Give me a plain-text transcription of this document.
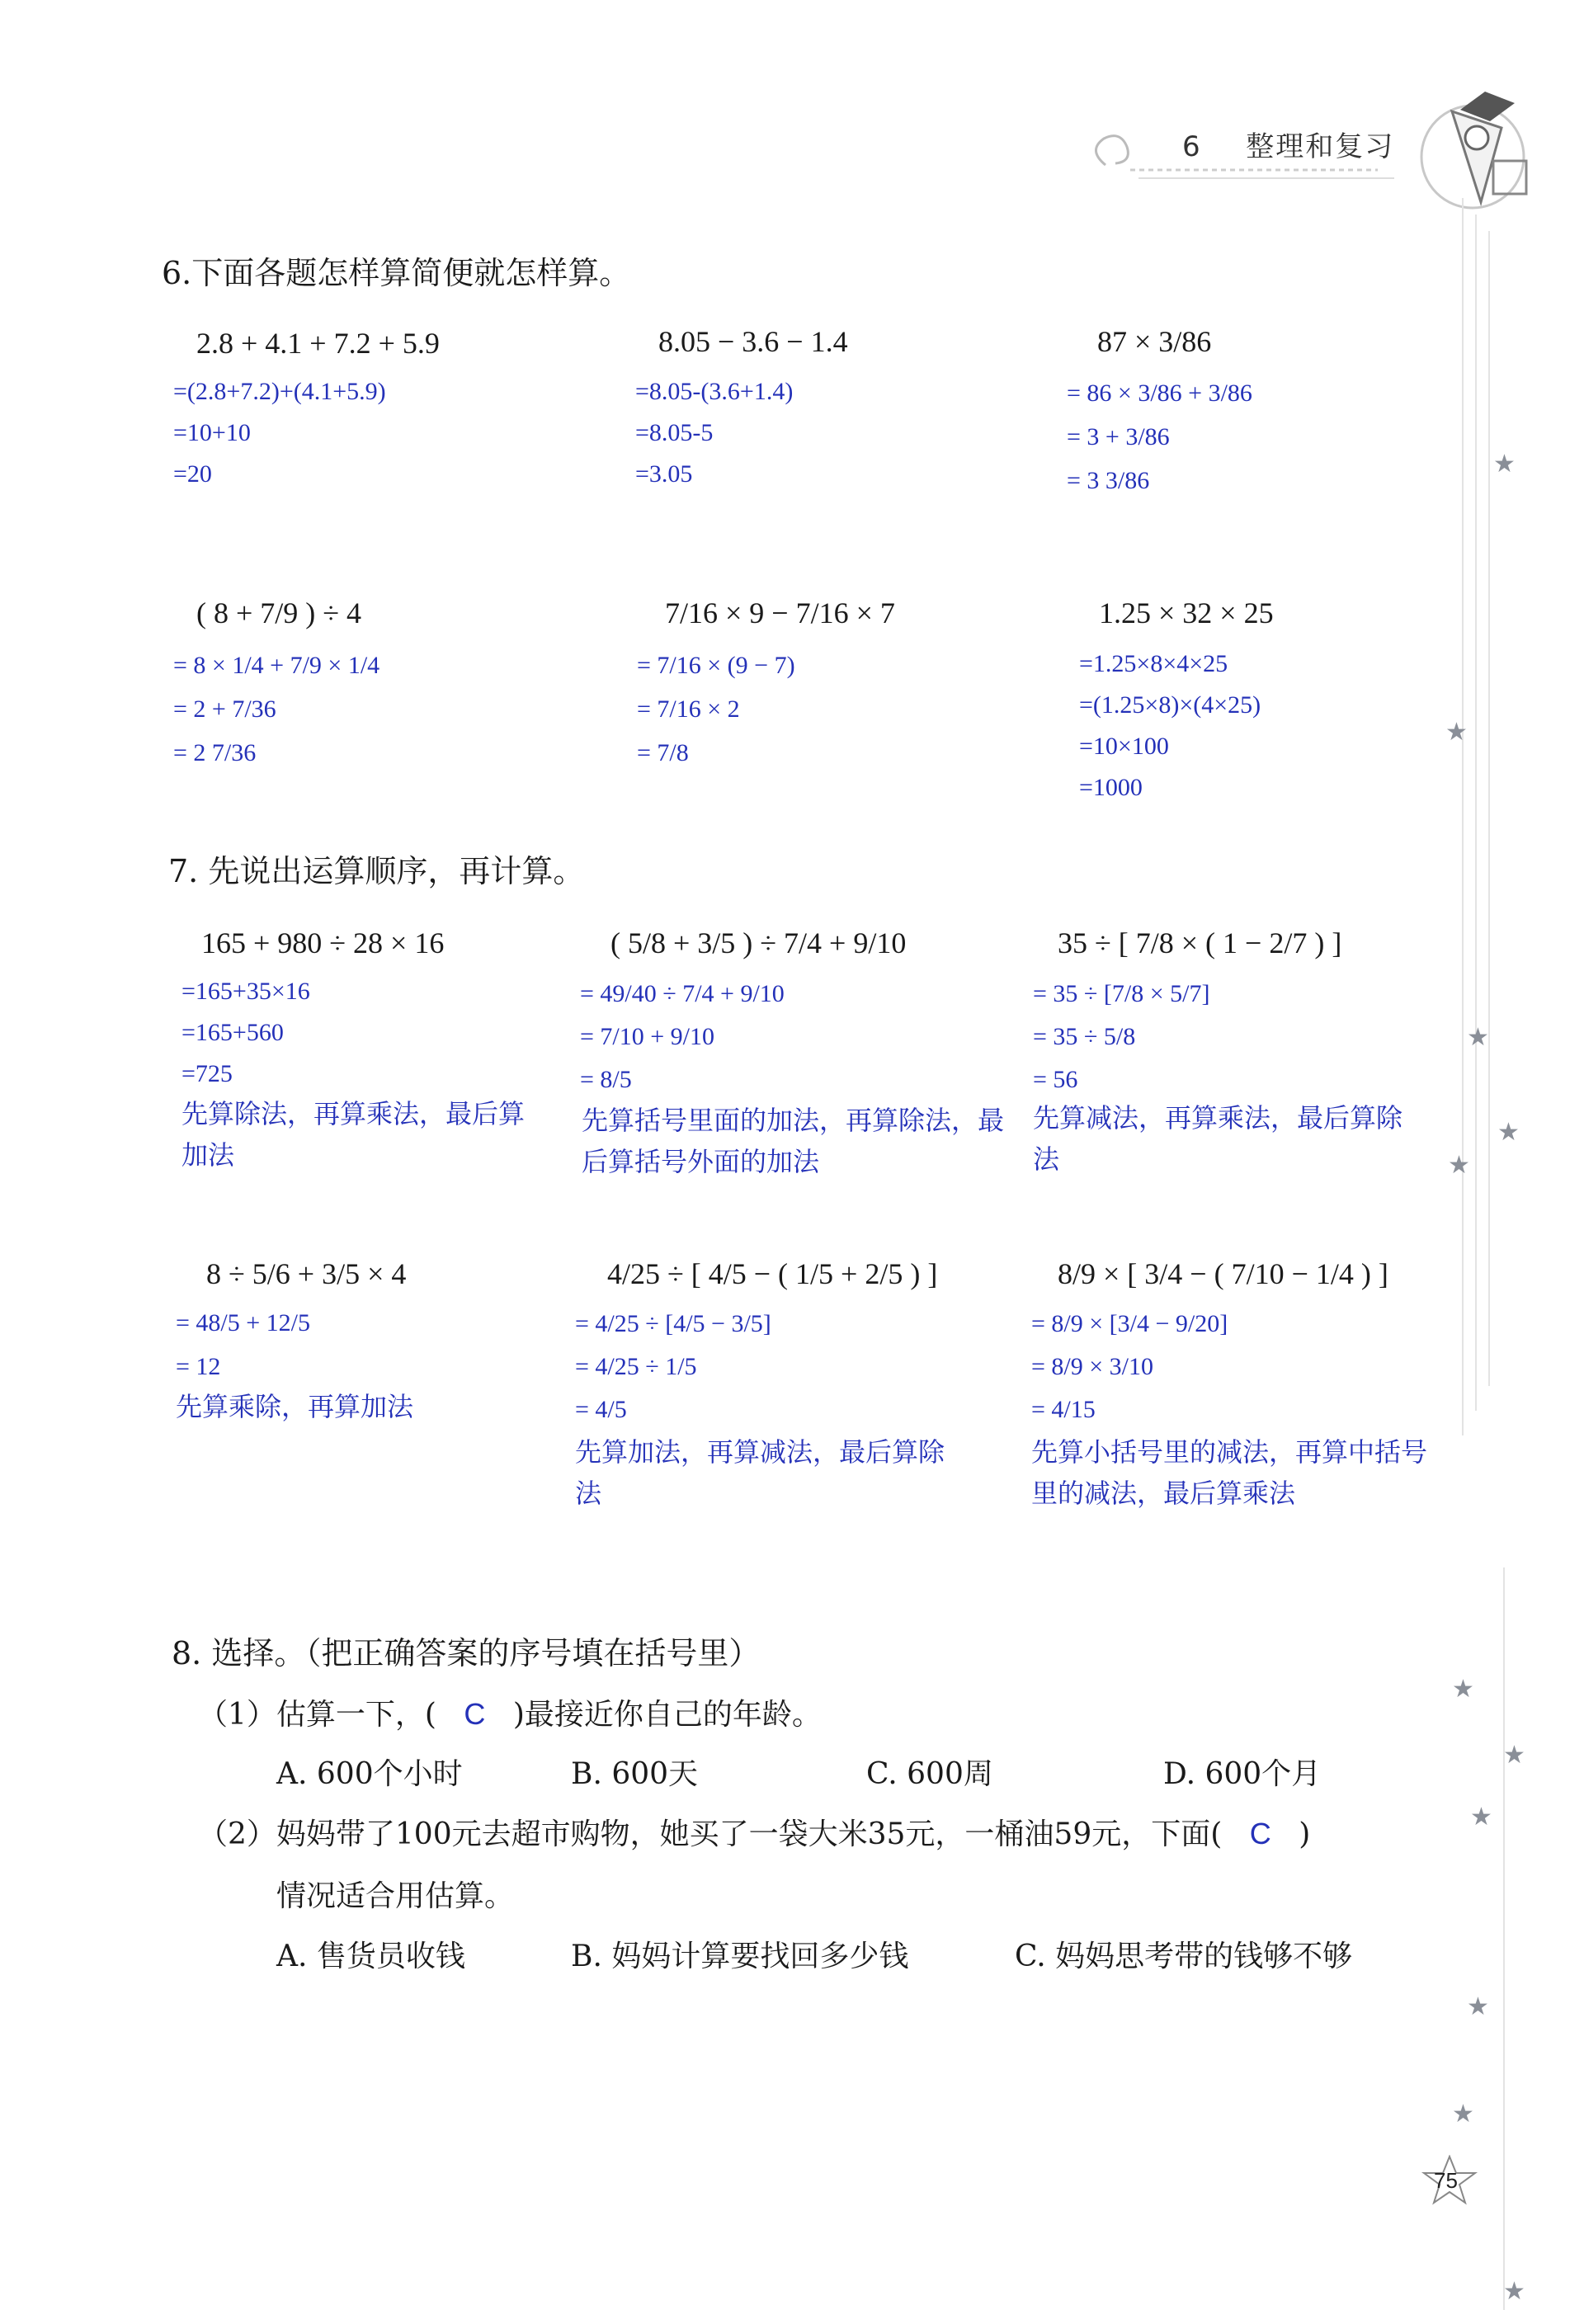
6 整理和复习
★
★
★
★
★
★
★
★
★
★
★
75
6.下面各题怎样算简便就怎样算。
2.8 + 4.1 + 7.2 + 5.9
=(2.8+7.2)+(4.1+5.9)
=10+10
=20
8.05 − 3.6 − 1.4
=8.05-(3.6+1.4)
=8.05-5
=3.05
87 × 3/86
= 86 × 3/86 + 3/86
= 3 + 3/86
= 3 3/86
( 8 + 7/9 ) ÷ 4
= 8 × 1/4 + 7/9 × 1/4
= 2 + 7/36
= 2 7/36
7/16 × 9 − 7/16 × 7
= 7/16 × (9 − 7)
= 7/16 × 2
= 7/8
1.25 × 32 × 25
=1.25×8×4×25
=(1.25×8)×(4×25)
=10×100
=1000
7. 先说出运算顺序，再计算。
165 + 980 ÷ 28 × 16
=165+35×16
=165+560
=725
先算除法，再算乘法，最后算加法
( 5/8 + 3/5 ) ÷ 7/4 + 9/10
= 49/40 ÷ 7/4 + 9/10
= 7/10 + 9/10
= 8/5
先算括号里面的加法，再算除法，最后算括号外面的加法
35 ÷ [ 7/8 × ( 1 − 2/7 ) ]
= 35 ÷ [7/8 × 5/7]
= 35 ÷ 5/8
= 56
先算减法，再算乘法，最后算除法
8 ÷ 5/6 + 3/5 × 4
= 48/5 + 12/5
= 12
先算乘除，再算加法
4/25 ÷ [ 4/5 − ( 1/5 + 2/5 ) ]
= 4/25 ÷ [4/5 − 3/5]
= 4/25 ÷ 1/5
= 4/5
先算加法，再算减法，最后算除法
8/9 × [ 3/4 − ( 7/10 − 1/4 ) ]
= 8/9 × [3/4 − 9/20]
= 8/9 × 3/10
= 4/15
先算小括号里的减法，再算中括号里的减法，最后算乘法
8. 选择。（把正确答案的序号填在括号里）
（1）估算一下，( C )最接近你自己的年龄。
A. 600个小时	B. 600天	C. 600周	D. 600个月
（2）妈妈带了100元去超市购物，她买了一袋大米35元，一桶油59元，下面( C )
情况适合用估算。
A. 售货员收钱	B. 妈妈计算要找回多少钱	C. 妈妈思考带的钱够不够
